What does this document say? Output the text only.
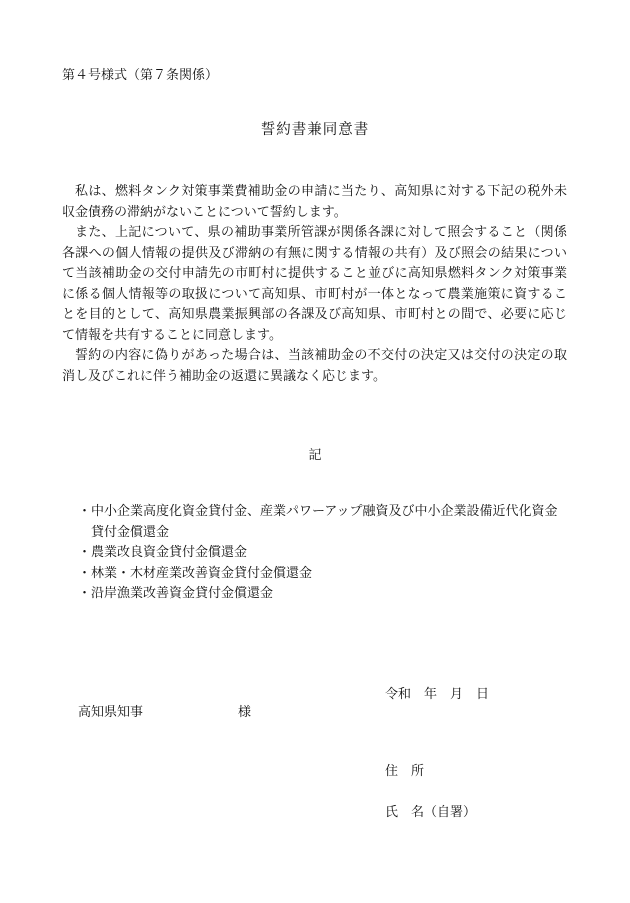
第４号様式（第７条関係）
誓約書兼同意書

私は、燃料タンク対策事業費補助金の申請に当たり、高知県に対する下記の税外未収金債務の滞納がないことについて誓約します。

また、上記について、県の補助事業所管課が関係各課に対して照会すること（関係各課への個人情報の提供及び滞納の有無に関する情報の共有）及び照会の結果について当該補助金の交付申請先の市町村に提供すること並びに高知県燃料タンク対策事業に係る個人情報等の取扱について高知県、市町村が一体となって農業施策に資することを目的として、高知県農業振興部の各課及び高知県、市町村との間で、必要に応じて情報を共有することに同意します。

誓約の内容に偽りがあった場合は、当該補助金の不交付の決定又は交付の決定の取消し及びこれに伴う補助金の返還に異議なく応じます。

記
・中小企業高度化資金貸付金、産業パワーアップ融資及び中小企業設備近代化資金貸付金償還金
・農業改良資金貸付金償還金
・林業・木材産業改善資金貸付金償還金
・沿岸漁業改善資金貸付金償還金
令和　年　月　日
高知県知事	様
住　所
氏　名（自署）
